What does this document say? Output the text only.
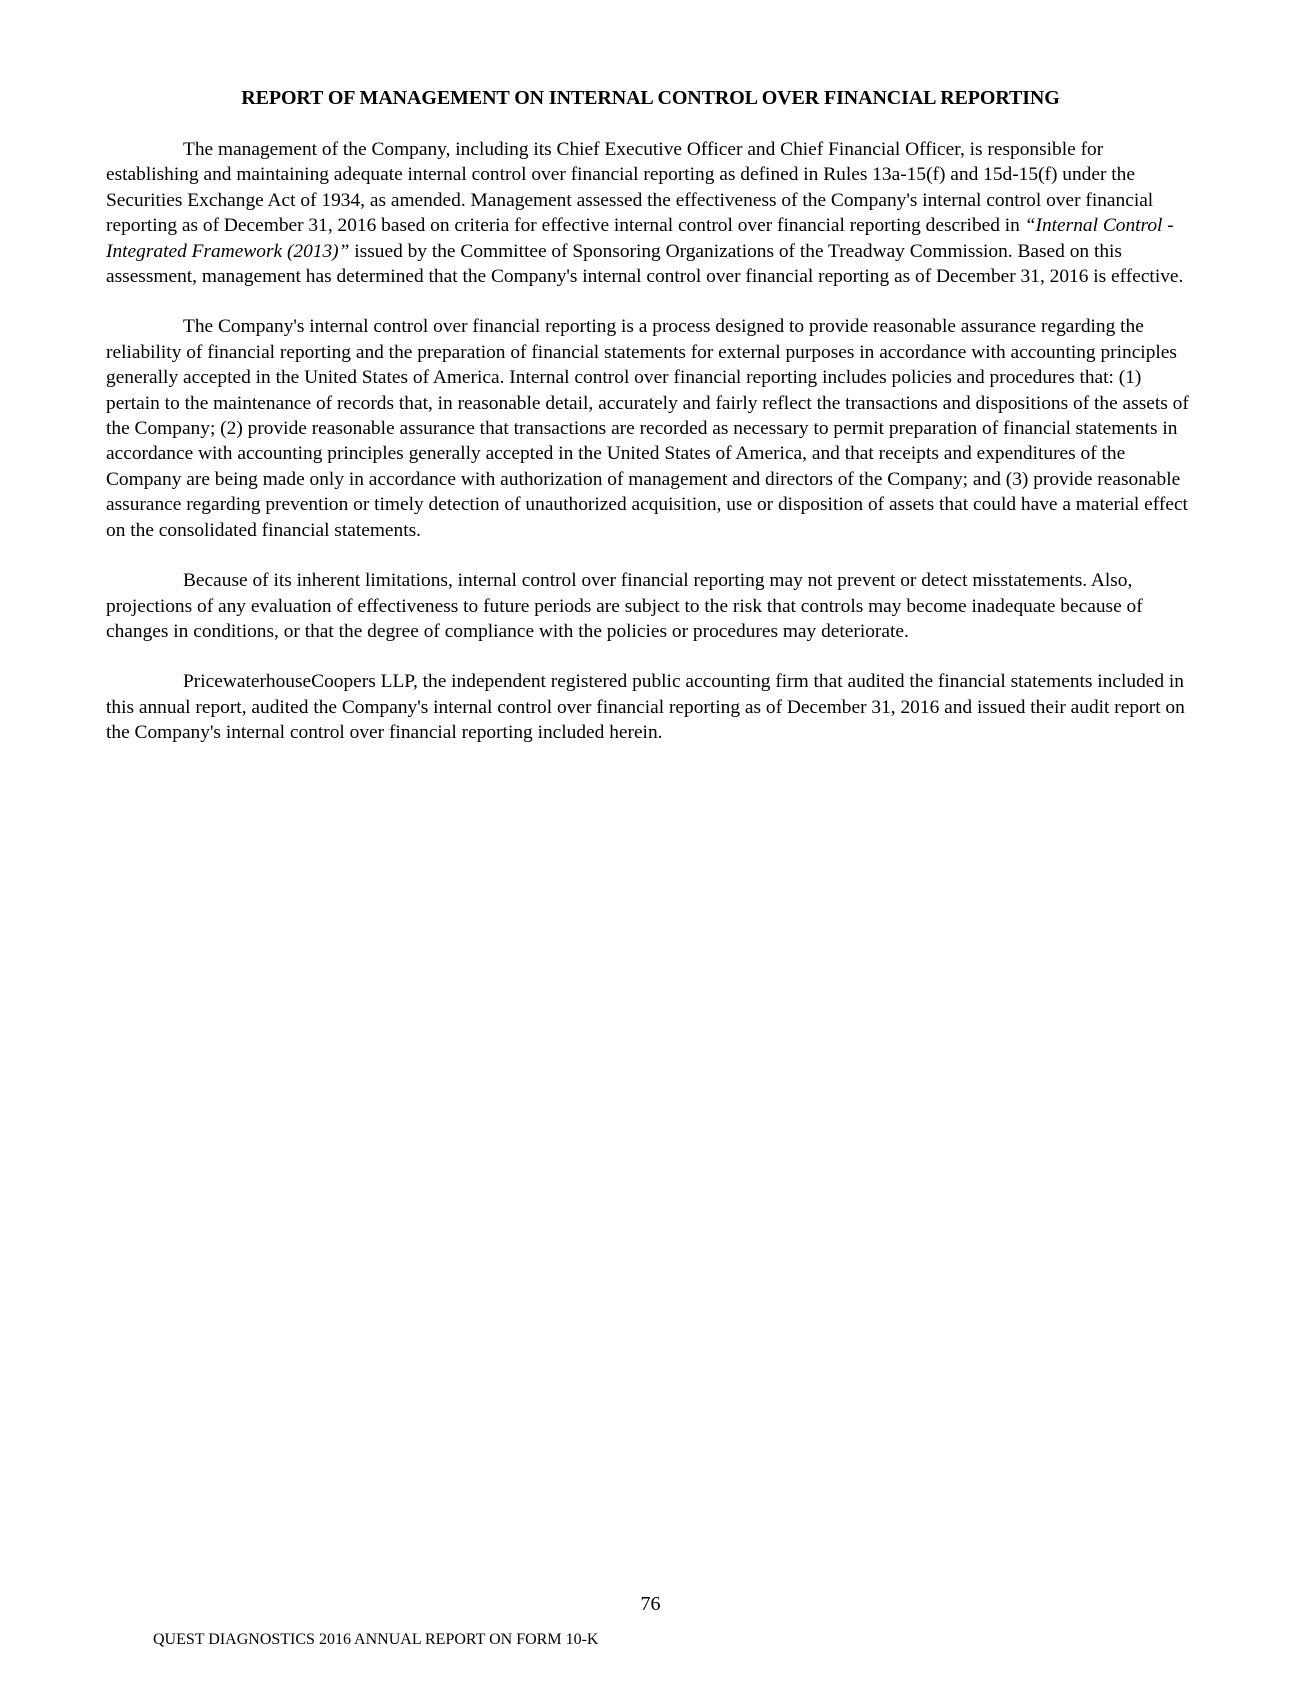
REPORT OF MANAGEMENT ON INTERNAL CONTROL OVER FINANCIAL REPORTING

The management of the Company, including its Chief Executive Officer and Chief Financial Officer, is responsible for establishing and maintaining adequate internal control over financial reporting as defined in Rules 13a-15(f) and 15d-15(f) under the Securities Exchange Act of 1934, as amended. Management assessed the effectiveness of the Company's internal control over financial reporting as of December 31, 2016 based on criteria for effective internal control over financial reporting described in “Internal Control - Integrated Framework (2013)” issued by the Committee of Sponsoring Organizations of the Treadway Commission. Based on this assessment, management has determined that the Company's internal control over financial reporting as of December 31, 2016 is effective.

The Company's internal control over financial reporting is a process designed to provide reasonable assurance regarding the reliability of financial reporting and the preparation of financial statements for external purposes in accordance with accounting principles generally accepted in the United States of America. Internal control over financial reporting includes policies and procedures that: (1) pertain to the maintenance of records that, in reasonable detail, accurately and fairly reflect the transactions and dispositions of the assets of the Company; (2) provide reasonable assurance that transactions are recorded as necessary to permit preparation of financial statements in accordance with accounting principles generally accepted in the United States of America, and that receipts and expenditures of the Company are being made only in accordance with authorization of management and directors of the Company; and (3) provide reasonable assurance regarding prevention or timely detection of unauthorized acquisition, use or disposition of assets that could have a material effect on the consolidated financial statements.

Because of its inherent limitations, internal control over financial reporting may not prevent or detect misstatements. Also, projections of any evaluation of effectiveness to future periods are subject to the risk that controls may become inadequate because of changes in conditions, or that the degree of compliance with the policies or procedures may deteriorate.

PricewaterhouseCoopers LLP, the independent registered public accounting firm that audited the financial statements included in this annual report, audited the Company's internal control over financial reporting as of December 31, 2016 and issued their audit report on the Company's internal control over financial reporting included herein.

76
QUEST DIAGNOSTICS 2016 ANNUAL REPORT ON FORM 10-K
